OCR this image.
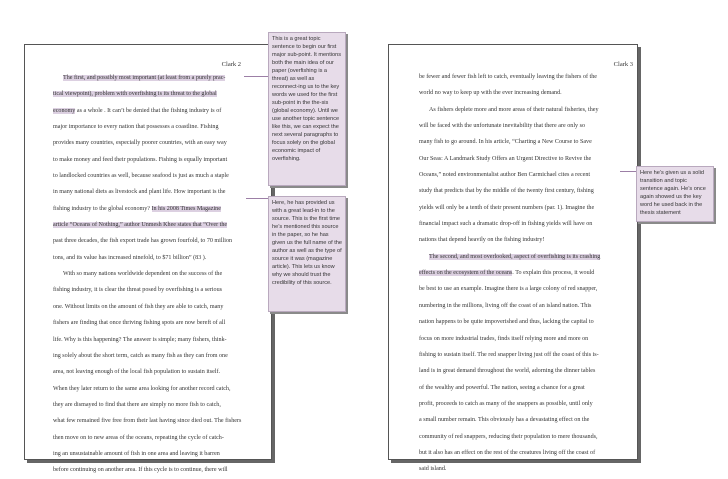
Clark 2
The first, and possibly most important (at least from a purely prac-
tical viewpoint), problem with overfishing is its threat to the global
economy as a whole . It can’t be denied that the fishing industry is of
major importance to every nation that possesses a coastline. Fishing
provides many countries, especially poorer countries, with an easy way
to make money and feed their populations. Fishing is equally important
to landlocked countries as well, because seafood is just as much a staple
in many national diets as livestock and plant life. How important is the
fishing industry to the global economy? In his 2008 Times Magazine
article “Oceans of Nothing,” author Unmesh Khee states that “Over the
past three decades, the fish export trade has grown fourfold, to 70 million
tons, and its value has increased ninefold, to $71 billion” (83 ).
With so many nations worldwide dependent on the success of the
fishing industry, it is clear the threat posed by overfishing is a serious
one. Without limits on the amount of fish they are able to catch, many
fishers are finding that once thriving fishing spots are now bereft of all
life. Why is this happening? The answer is simple; many fishers, think-
ing solely about the short term, catch as many fish as they can from one
area, not leaving enough of the local fish population to sustain itself.
When they later return to the same area looking for another record catch,
they are dismayed to find that there are simply no more fish to catch,
what few remained five free from their last having since died out. The fishers
then move on to new areas of the oceans, repeating the cycle of catch-
ing an unsustainable amount of fish in one area and leaving it barren
before continuing on another area. If this cycle is to continue, there will
Clark 3
be fewer and fewer fish left to catch, eventually leaving the fishers of the
world no way to keep up with the ever increasing demand.
As fishers deplete more and more areas of their natural fisheries, they
will be faced with the unfortunate inevitability that there are only so
many fish to go around. In his article, “Charting a New Course to Save
Our Seas: A Landmark Study Offers an Urgent Directive to Revive the
Oceans,” noted environmentalist author Ben Carmichael cites a recent
study that predicts that by the middle of the twenty first century, fishing
yields will only be a tenth of their present numbers (par. 1). Imagine the
financial impact such a dramatic drop-off in fishing yields will have on
nations that depend heavily on the fishing industry!
The second, and most overlooked, aspect of overfishing is its crashing
effects on the ecosystem of the oceans. To explain this process, it would
be best to use an example. Imagine there is a large colony of red snapper,
numbering in the millions, living off the coast of an island nation. This
nation happens to be quite impoverished and thus, lacking the capital to
focus on more industrial trades, finds itself relying more and more on
fishing to sustain itself. The red snapper living just off the coast of this is-
land is in great demand throughout the world, adorning the dinner tables
of the wealthy and powerful. The nation, seeing a chance for a great
profit, proceeds to catch as many of the snappers as possible, until only
a small number remain. This obviously has a devastating effect on the
community of red snappers, reducing their population to mere thousands,
but it also has an effect on the rest of the creatures living off the coast of
said island.
This is a great topic sentence to begin our first major sub-point. It mentions both the main idea of our paper (overfishing is a threat) as well as reconnect-ing us to the key words we used for the first sub-point in the the-sis (global economy). Until we use another topic sentence like this, we can expect the next several paragraphs to focus solely on the global economic impact of overfishing.
Here, he has provided us with a great lead-in to the source. This is the first time he’s mentioned this source in the paper, so he has given us the full name of the author as well as the type of source it was (magazine article). This lets us know why we should trust the credibility of this source.
Here he’s given us a solid transition and topic sentence again. He’s once again showed us the key word he used back in the thesis statement
